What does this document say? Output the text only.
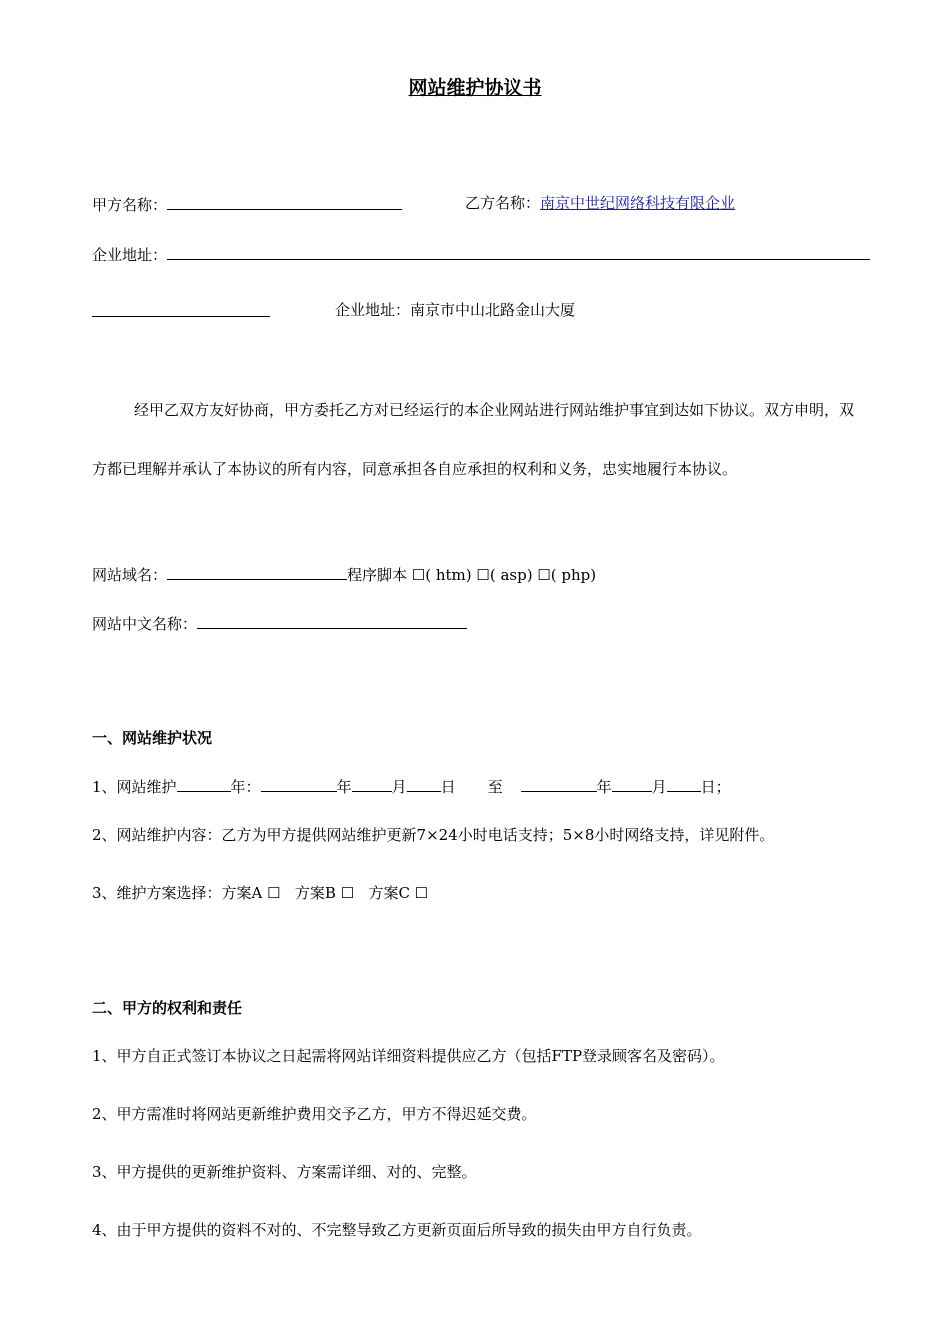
网站维护协议书
甲方名称：	乙方名称：南京中世纪网络科技有限企业
企业地址：
企业地址：南京市中山北路金山大厦
经甲乙双方友好协商，甲方委托乙方对已经运行的本企业网站进行网站维护事宜到达如下协议。双方申明，双方都已理解并承认了本协议的所有内容，同意承担各自应承担的权利和义务，忠实地履行本协议。
网站域名：	程序脚本 ☐( htm) ☐( asp) ☐( php)
网站中文名称：
一、网站维护状况
1、网站维护	年：	年	月 日 至	年	月 日；
2、网站维护内容：乙方为甲方提供网站维护更新7×24小时电话支持；5×8小时网络支持，详见附件。
3、维护方案选择：方案A ☐   方案B ☐   方案C ☐
二、甲方的权利和责任
1、甲方自正式签订本协议之日起需将网站详细资料提供应乙方（包括FTP登录顾客名及密码）。
2、甲方需准时将网站更新维护费用交予乙方，甲方不得迟延交费。
3、甲方提供的更新维护资料、方案需详细、对的、完整。
4、由于甲方提供的资料不对的、不完整导致乙方更新页面后所导致的损失由甲方自行负责。
